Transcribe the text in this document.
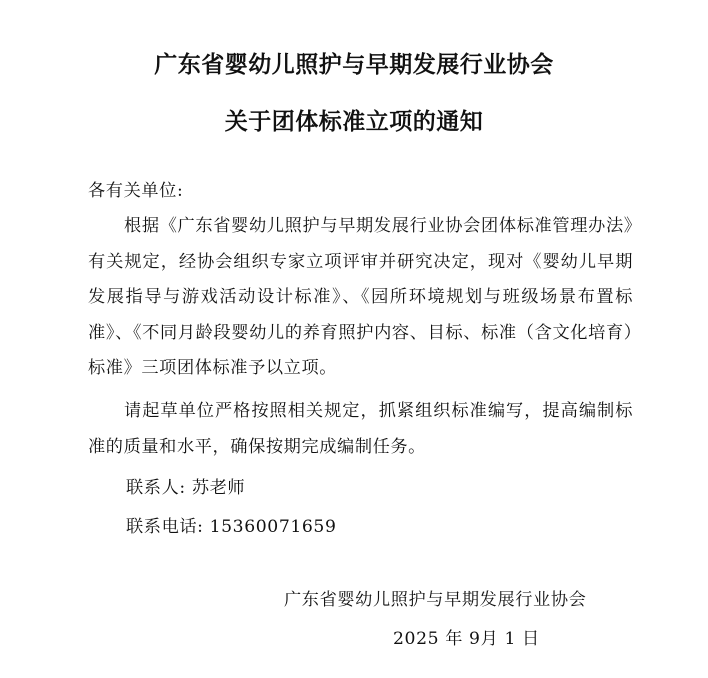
广东省婴幼儿照护与早期发展行业协会
关于团体标准立项的通知
各有关单位:
根据《广东省婴幼儿照护与早期发展行业协会团体标准管理办法》有关规定，经协会组织专家立项评审并研究决定，现对《婴幼儿早期发展指导与游戏活动设计标准》、《园所环境规划与班级场景布置标准》、《不同月龄段婴幼儿的养育照护内容、目标、标准（含文化培育）标准》三项团体标准予以立项。
请起草单位严格按照相关规定，抓紧组织标准编写，提高编制标准的质量和水平，确保按期完成编制任务。
联系人: 苏老师
联系电话: 15360071659
广东省婴幼儿照护与早期发展行业协会
2025 年 9月 1 日
